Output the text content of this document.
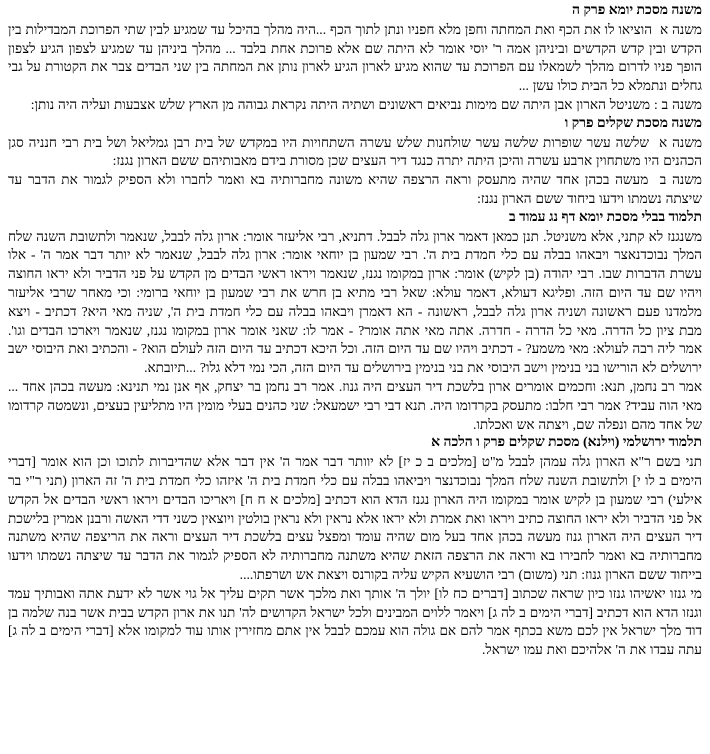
משנה מסכת יומא פרק ה

משנה א  הוציאו לו את הכף ואת המחתה וחפן מלא חפניו ונתן לתוך הכף ...היה מהלך בהיכל עד שמגיע לבין שתי הפרוכת המבדילות בין הקדש ובין קדש הקדשים וביניהן אמה ר' יוסי אומר לא היתה שם אלא פרוכת אחת בלבד ... מהלך ביניהן עד שמגיע לצפון הגיע לצפון הופך פניו לדרום מהלך לשמאלו עם הפרוכת עד שהוא מגיע לארון הגיע לארון נותן את המחתה בין שני הבדים צבר את הקטורת על גבי גחלים ונתמלא כל הבית כולו עשן ...

משנה ב : משניטל הארון אבן היתה שם מימות נביאים ראשונים ושתיה היתה נקראת גבוהה מן הארץ שלש אצבעות ועליה היה נותן:

משנה מסכת שקלים פרק ו

משנה א  שלשה עשר שופרות שלשה עשר שולחנות שלש עשרה השתחויות היו במקדש של בית רבן גמליאל ושל בית רבי חנניה סגן הכהנים היו משתחוין ארבע עשרה והיכן היתה יתרה כנגד דיר העצים שכן מסורת בידם מאבותיהם ששם הארון נגנז:

משנה ב  מעשה בכהן אחד שהיה מתעסק וראה הרצפה שהיא משונה מחברותיה בא ואמר לחברו ולא הספיק לגמור את הדבר עד שיצתה נשמתו וידעו ביחוד ששם הארון נגנז:

תלמוד בבלי מסכת יומא דף נג עמוד ב

משנגנז לא קתני, אלא משניטל. תנן כמאן דאמר ארון גלה לבבל. דתניא, רבי אליעזר אומר: ארון גלה לבבל, שנאמר ולתשובת השנה שלח המלך נבוכדנאצר ויבאהו בבלה עם כלי חמדת בית ה'. רבי שמעון בן יוחאי אומר: ארון גלה לבבל, שנאמר לא יותר דבר אמר ה' - אלו עשרת הדברות שבו. רבי יהודה (בן לקיש) אומר: ארון במקומו נגנז, שנאמר ויראו ראשי הבדים מן הקדש על פני הדביר ולא יראו החוצה ויהיו שם עד היום הזה. ופליגא דעולא, דאמר עולא: שאל רבי מתיא בן חרש את רבי שמעון בן יוחאי ברומי: וכי מאחר שרבי אליעזר מלמדנו פעם ראשונה ושניה ארון גלה לבבל, ראשונה - הא דאמרן ויבאהו בבלה עם כלי חמדת בית ה', שניה מאי היא? דכתיב - ויצא מבת ציון כל הדרה. מאי כל הדרה - חדרה. אתה מאי אתה אומר? - אמר לו: שאני אומר ארון במקומו נגנז, שנאמר ויארכו הבדים וגו'. אמר ליה רבה לעולא: מאי משמע? - דכתיב ויהיו שם עד היום הזה. וכל היכא דכתיב עד היום הזה לעולם הוא? - והכתיב ואת היבוסי ישב ירושלים לא הורישו בני בנימין וישב היבוסי את בני בנימין בירושלים עד היום הזה, הכי נמי דלא גלו? ...תיובתא.

אמר רב נחמן, תנא: וחכמים אומרים ארון בלשכת דיר העצים היה גנוז. אמר רב נחמן בר יצחק, אף אנן נמי תנינא: מעשה בכהן אחד ... מאי הוה עביד? אמר רבי חלבו: מתעסק בקרדומו היה. תנא דבי רבי ישמעאל: שני כהנים בעלי מומין היו מתליעין בעצים, ונשמטה קרדומו של אחד מהם ונפלה שם, ויצתה אש ואכלתו.

תלמוד ירושלמי (וילנא) מסכת שקלים פרק ו הלכה א

תני בשם ר"א הארון גלה עמהן לבבל מ"ט [מלכים ב כ יז] לא יוותר דבר אמר ה' אין דבר אלא שהדיברות לתוכו וכן הוא אומר [דברי הימים ב לו י] ולתשובת השנה שלח המלך נבוכדנצר ויביאהו בבלה עם כלי חמדת בית ה' איזהו כלי חמדת בית ה' זה הארון (תני ר"י בר אילעי) רבי שמעון בן לקיש אומר במקומו היה הארון נגנז הדא הוא דכתיב [מלכים א ח ח] ויאריכו הבדים ויראו ראשי הבדים אל הקדש אל פני הדביר ולא יראו החוצה כתיב ויראו ואת אמרת ולא יראו אלא נראין ולא נראין בולטין ויוצאין כשני דדי האשה ורבנן אמרין בלישכת דיר העצים היה הארון גנוז מעשה בכהן אחד בעל מום שהיה עומד ומפצל עצים בלשכת דיר העצים וראה את הריצפה שהיא משתנה מחברותיה בא ואמר לחבירו בא וראה את הרצפה הזאת שהיא משתנה מחברותיה לא הספיק לגמור את הדבר עד שיצתה נשמתו וידעו בייחוד ששם הארון גנוז: תני (משום) רבי הושעיא הקיש עליה בקורנס ויצאת אש ושרפתו....

מי גנזו יאשיהו גנזו כיון שראה שכתוב [דברים כח לו] יולך ה' אותך ואת מלכך אשר תקים עליך אל גוי אשר לא ידעת אתה ואבותיך עמד וגנזו הדא הוא דכתיב [דברי הימים ב לה ג] ויאמר ללוים המבינים ולכל ישראל הקדושים לה' תנו את ארון הקדש בבית אשר בנה שלמה בן דוד מלך ישראל אין לכם משא בכתף אמר להם אם גולה הוא עמכם לבבל אין אתם מחזירין אותו עוד למקומו אלא [דברי הימים ב לה ג] עתה עבדו את ה' אלהיכם ואת עמו ישראל.
